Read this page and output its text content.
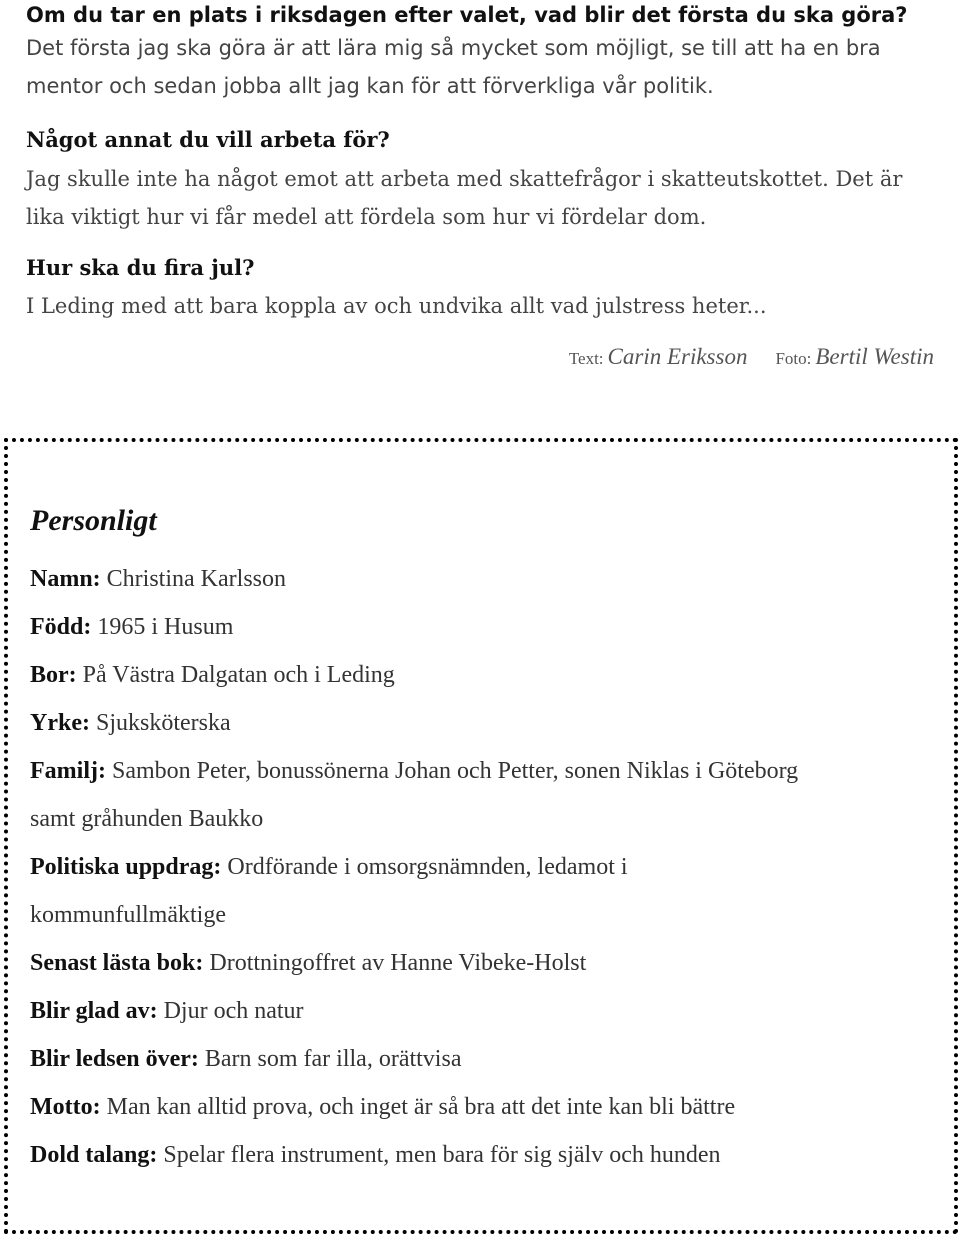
Om du tar en plats i riksdagen efter valet, vad blir det första du ska göra?

Det första jag ska göra är att lära mig så mycket som möjligt, se till att ha en bra
mentor och sedan jobba allt jag kan för att förverkliga vår politik.

Något annat du vill arbeta för?

Jag skulle inte ha något emot att arbeta med skattefrågor i skatteutskottet. Det är
lika viktigt hur vi får medel att fördela som hur vi fördelar dom.

Hur ska du fira jul?

I Leding med att bara koppla av och undvika allt vad julstress heter...

Text: Carin Eriksson Foto: Bertil Westin
Personligt
Namn: Christina Karlsson
Född: 1965 i Husum
Bor: På Västra Dalgatan och i Leding
Yrke: Sjuksköterska
Familj: Sambon Peter, bonussönerna Johan och Petter, sonen Niklas i Göteborg
samt gråhunden Baukko
Politiska uppdrag: Ordförande i omsorgsnämnden, ledamot i
kommunfullmäktige
Senast lästa bok: Drottningoffret av Hanne Vibeke-Holst
Blir glad av: Djur och natur
Blir ledsen över: Barn som far illa, orättvisa
Motto: Man kan alltid prova, och inget är så bra att det inte kan bli bättre
Dold talang: Spelar flera instrument, men bara för sig själv och hunden
